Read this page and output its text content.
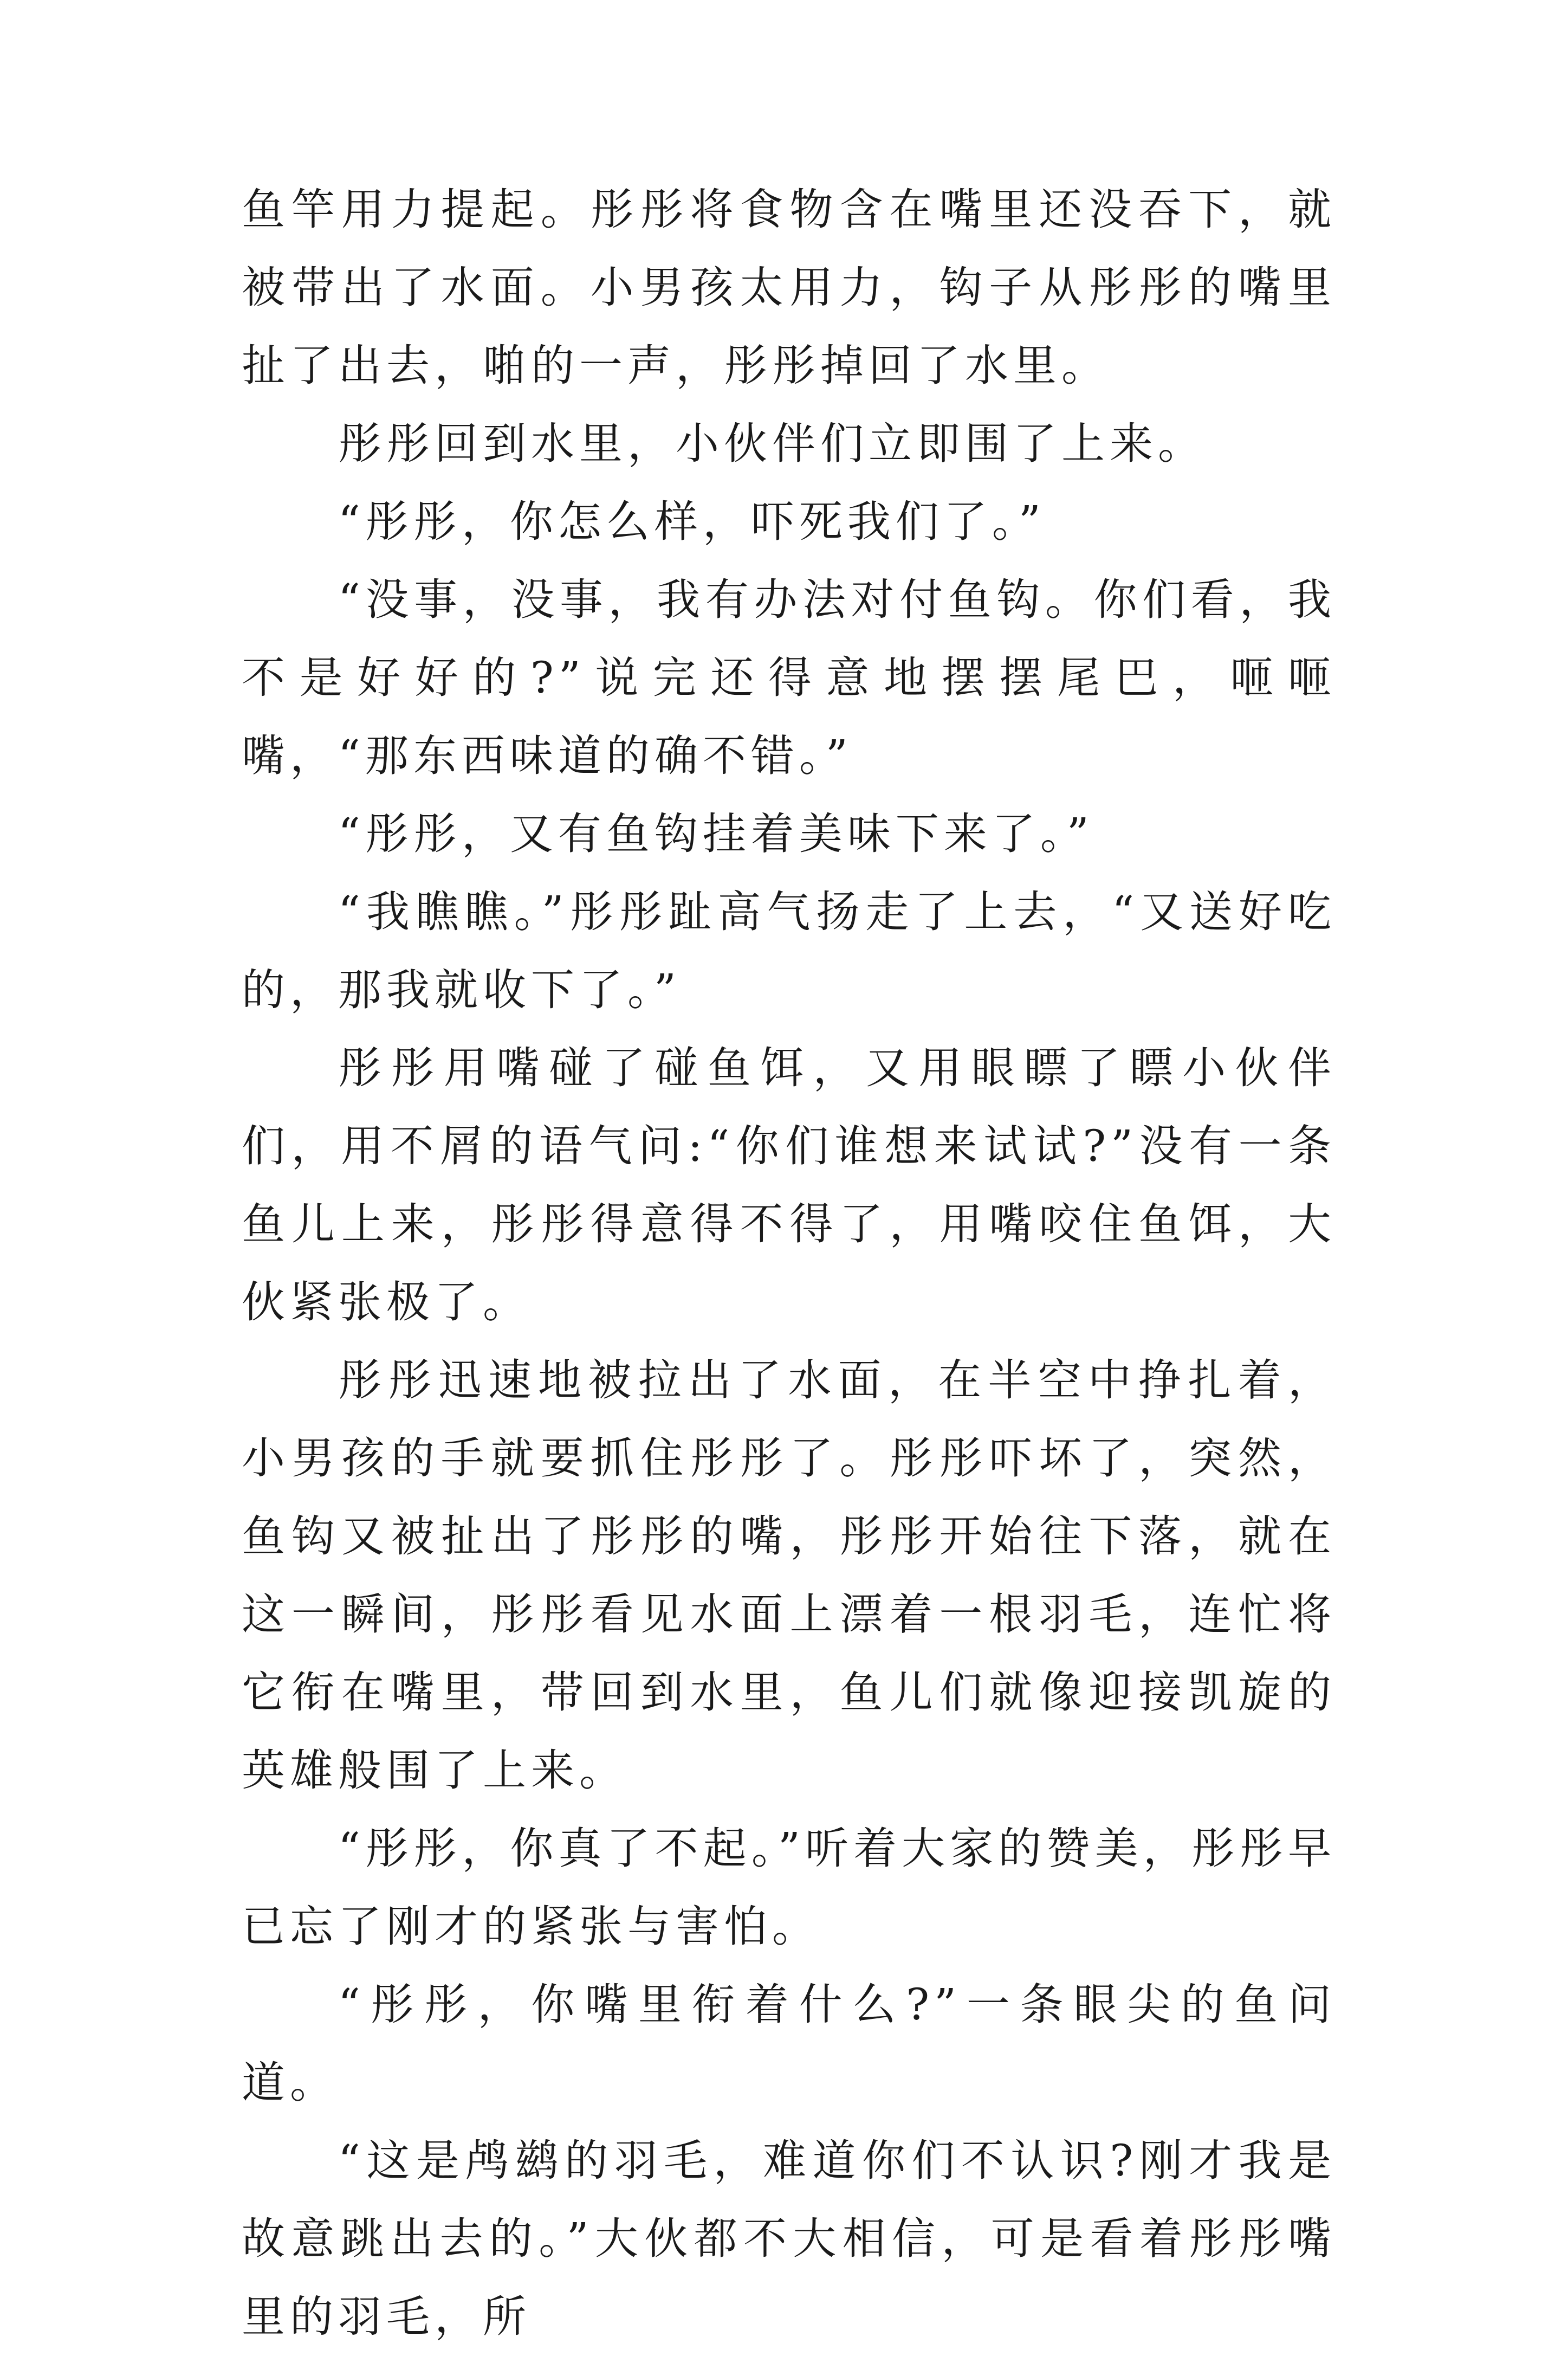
鱼竿用力提起。彤彤将食物含在嘴里还没吞下，就被带出了水面。小男孩太用力，钩子从彤彤的嘴里扯了出去，啪的一声，彤彤掉回了水里。

彤彤回到水里，小伙伴们立即围了上来。

“彤彤，你怎么样，吓死我们了。”

“没事，没事，我有办法对付鱼钩。你们看，我不是好好的?”说完还得意地摆摆尾巴，咂咂嘴，“那东西味道的确不错。”

“彤彤，又有鱼钩挂着美味下来了。”

“我瞧瞧。”彤彤趾高气扬走了上去，“又送好吃的，那我就收下了。”

彤彤用嘴碰了碰鱼饵，又用眼瞟了瞟小伙伴们，用不屑的语气问:“你们谁想来试试?”没有一条鱼儿上来，彤彤得意得不得了，用嘴咬住鱼饵，大伙紧张极了。

彤彤迅速地被拉出了水面，在半空中挣扎着，小男孩的手就要抓住彤彤了。彤彤吓坏了，突然，鱼钩又被扯出了彤彤的嘴，彤彤开始往下落，就在这一瞬间，彤彤看见水面上漂着一根羽毛，连忙将它衔在嘴里，带回到水里，鱼儿们就像迎接凯旋的英雄般围了上来。

“彤彤，你真了不起。”听着大家的赞美，彤彤早已忘了刚才的紧张与害怕。

“彤彤，你嘴里衔着什么?”一条眼尖的鱼问道。

“这是鸬鹚的羽毛，难道你们不认识?刚才我是故意跳出去的。”大伙都不大相信，可是看着彤彤嘴里的羽毛，所
